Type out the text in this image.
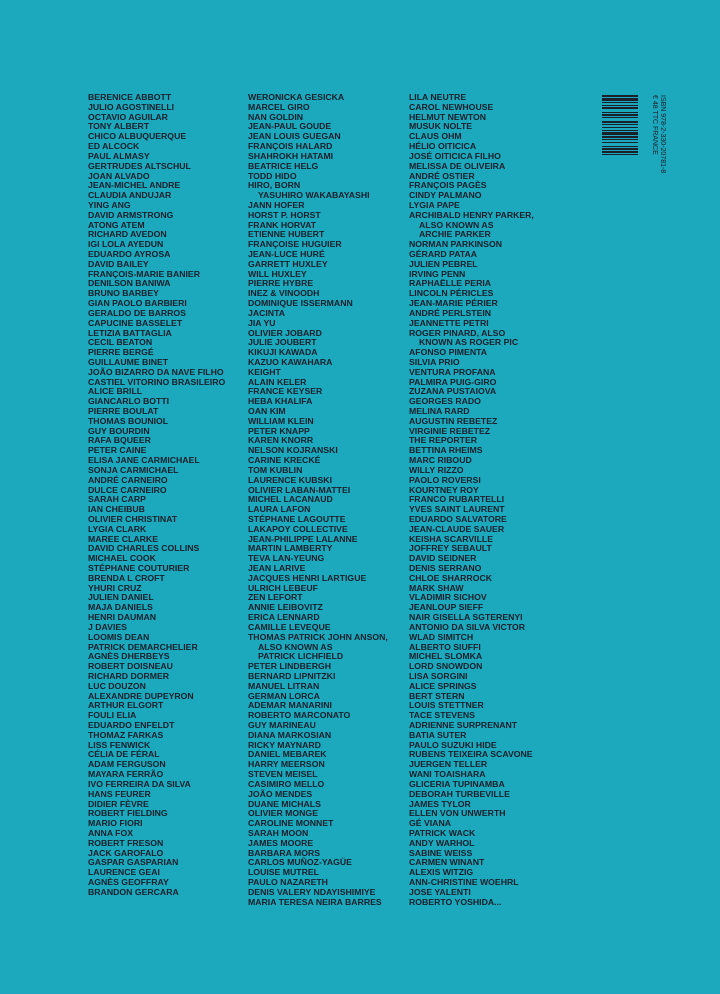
BERENICE ABBOTT
JULIO AGOSTINELLI
OCTAVIO AGUILAR
TONY ALBERT
CHICO ALBUQUERQUE
ED ALCOCK
PAUL ALMASY
GERTRUDES ALTSCHUL
JOAN ALVADO
JEAN-MICHEL ANDRE
CLAUDIA ANDUJAR
YING ANG
DAVID ARMSTRONG
ATONG ATEM
RICHARD AVEDON
IGI LOLA AYEDUN
EDUARDO AYROSA
DAVID BAILEY
FRANÇOIS-MARIE BANIER
DENILSON BANIWA
BRUNO BARBEY
GIAN PAOLO BARBIERI
GERALDO DE BARROS
CAPUCINE BASSELET
LETIZIA BATTAGLIA
CECIL BEATON
PIERRE BERGÉ
GUILLAUME BINET
JOÃO BIZARRO DA NAVE FILHO
CASTIEL VITORINO BRASILEIRO
ALICE BRILL
GIANCARLO BOTTI
PIERRE BOULAT
THOMAS BOUNIOL
GUY BOURDIN
RAFA BQUEER
PETER CAINE
ELISA JANE CARMICHAEL
SONJA CARMICHAEL
ANDRÉ CARNEIRO
DULCE CARNEIRO
SARAH CARP
IAN CHEIBUB
OLIVIER CHRISTINAT
LYGIA CLARK
MAREE CLARKE
DAVID CHARLES COLLINS
MICHAEL COOK
STÉPHANE COUTURIER
BRENDA L CROFT
YHURI CRUZ
JULIEN DANIEL
MAJA DANIELS
HENRI DAUMAN
J DAVIES
LOOMIS DEAN
PATRICK DEMARCHELIER
AGNÈS DHERBEYS
ROBERT DOISNEAU
RICHARD DORMER
LUC DOUZON
ALEXANDRE DUPEYRON
ARTHUR ELGORT
FOULI ELIA
EDUARDO ENFELDT
THOMAZ FARKAS
LISS FENWICK
CÉLIA DE FÉRAL
ADAM FERGUSON
MAYARA FERRÃO
IVO FERREIRA DA SILVA
HANS FEURER
DIDIER FÈVRE
ROBERT FIELDING
MARIO FIORI
ANNA FOX
ROBERT FRESON
JACK GAROFALO
GASPAR GASPARIAN
LAURENCE GEAI
AGNÈS GEOFFRAY
BRANDON GERCARA
WERONICKA GESICKA
MARCEL GIRO
NAN GOLDIN
JEAN-PAUL GOUDE
JEAN LOUIS GUEGAN
FRANÇOIS HALARD
SHAHROKH HATAMI
BEATRICE HELG
TODD HIDO
HIRO, BORN
YASUHIRO WAKABAYASHI
JANN HOFER
HORST P. HORST
FRANK HORVAT
ETIENNE HUBERT
FRANÇOISE HUGUIER
JEAN-LUCE HURÉ
GARRETT HUXLEY
WILL HUXLEY
PIERRE HYBRE
INEZ & VINOODH
DOMINIQUE ISSERMANN
JACINTA
JIA YU
OLIVIER JOBARD
JULIE JOUBERT
KIKUJI KAWADA
KAZUO KAWAHARA
KEIGHT
ALAIN KELER
FRANCE KEYSER
HEBA KHALIFA
OAN KIM
WILLIAM KLEIN
PETER KNAPP
KAREN KNORR
NELSON KOJRANSKI
CARINE KRECKÉ
TOM KUBLIN
LAURENCE KUBSKI
OLIVIER LABAN-MATTEI
MICHEL LACANAUD
LAURA LAFON
STÉPHANE LAGOUTTE
LAKAPOY COLLECTIVE
JEAN-PHILIPPE LALANNE
MARTIN LAMBERTY
TEVA LAN-YEUNG
JEAN LARIVE
JACQUES HENRI LARTIGUE
ULRICH LEBEUF
ZEN LEFORT
ANNIE LEIBOVITZ
ERICA LENNARD
CAMILLE LEVEQUE
THOMAS PATRICK JOHN ANSON,
ALSO KNOWN AS
PATRICK LICHFIELD
PETER LINDBERGH
BERNARD LIPNITZKI
MANUEL LITRAN
GERMAN LORCA
ADEMAR MANARINI
ROBERTO MARCONATO
GUY MARINEAU
DIANA MARKOSIAN
RICKY MAYNARD
DANIEL MEBAREK
HARRY MEERSON
STEVEN MEISEL
CASIMIRO MELLO
JOÃO MENDES
DUANE MICHALS
OLIVIER MONGE
CAROLINE MONNET
SARAH MOON
JAMES MOORE
BARBARA MORS
CARLOS MUÑOZ-YAGÜE
LOUISE MUTREL
PAULO NAZARETH
DENIS VALERY NDAYISHIMIYE
MARIA TERESA NEIRA BARRES
LILA NEUTRE
CAROL NEWHOUSE
HELMUT NEWTON
MUSUK NOLTE
CLAUS OHM
HÉLIO OITICICA
JOSÉ OITICICA FILHO
MELISSA DE OLIVEIRA
ANDRÉ OSTIER
FRANÇOIS PAGÈS
CINDY PALMANO
LYGIA PAPE
ARCHIBALD HENRY PARKER,
ALSO KNOWN AS
ARCHIE PARKER
NORMAN PARKINSON
GÉRARD PATAA
JULIEN PEBREL
IRVING PENN
RAPHAËLLE PERIA
LINCOLN PÉRICLES
JEAN-MARIE PÉRIER
ANDRÉ PERLSTEIN
JEANNETTE PETRI
ROGER PINARD, ALSO
KNOWN AS ROGER PIC
AFONSO PIMENTA
SILVIA PRIO
VENTURA PROFANA
PALMIRA PUIG-GIRO
ZUZANA PUSTAIOVA
GEORGES RADO
MELINA RARD
AUGUSTIN REBETEZ
VIRGINIE REBETEZ
THE REPORTER
BETTINA RHEIMS
MARC RIBOUD
WILLY RIZZO
PAOLO ROVERSI
KOURTNEY ROY
FRANCO RUBARTELLI
YVES SAINT LAURENT
EDUARDO SALVATORE
JEAN-CLAUDE SAUER
KEISHA SCARVILLE
JOFFREY SEBAULT
DAVID SEIDNER
DENIS SERRANO
CHLOE SHARROCK
MARK SHAW
VLADIMIR SICHOV
JEANLOUP SIEFF
NAIR GISELLA SGTERENYI
ANTONIO DA SILVA VICTOR
WLAD SIMITCH
ALBERTO SIUFFI
MICHEL SLOMKA
LORD SNOWDON
LISA SORGINI
ALICE SPRINGS
BERT STERN
LOUIS STETTNER
TACE STEVENS
ADRIENNE SURPRENANT
BATIA SUTER
PAULO SUZUKI HIDE
RUBENS TEIXEIRA SCAVONE
JUERGEN TELLER
WANI TOAISHARA
GLICERIA TUPINAMBA
DEBORAH TURBEVILLE
JAMES TYLOR
ELLEN VON UNWERTH
GÉ VIANA
PATRICK WACK
ANDY WARHOL
SABINE WEISS
CARMEN WINANT
ALEXIS WITZIG
ANN-CHRISTINE WOEHRL
JOSE YALENTI
ROBERTO YOSHIDA...
€ 48 TTC FRANCE ISBN 978-2-330-20781-8
